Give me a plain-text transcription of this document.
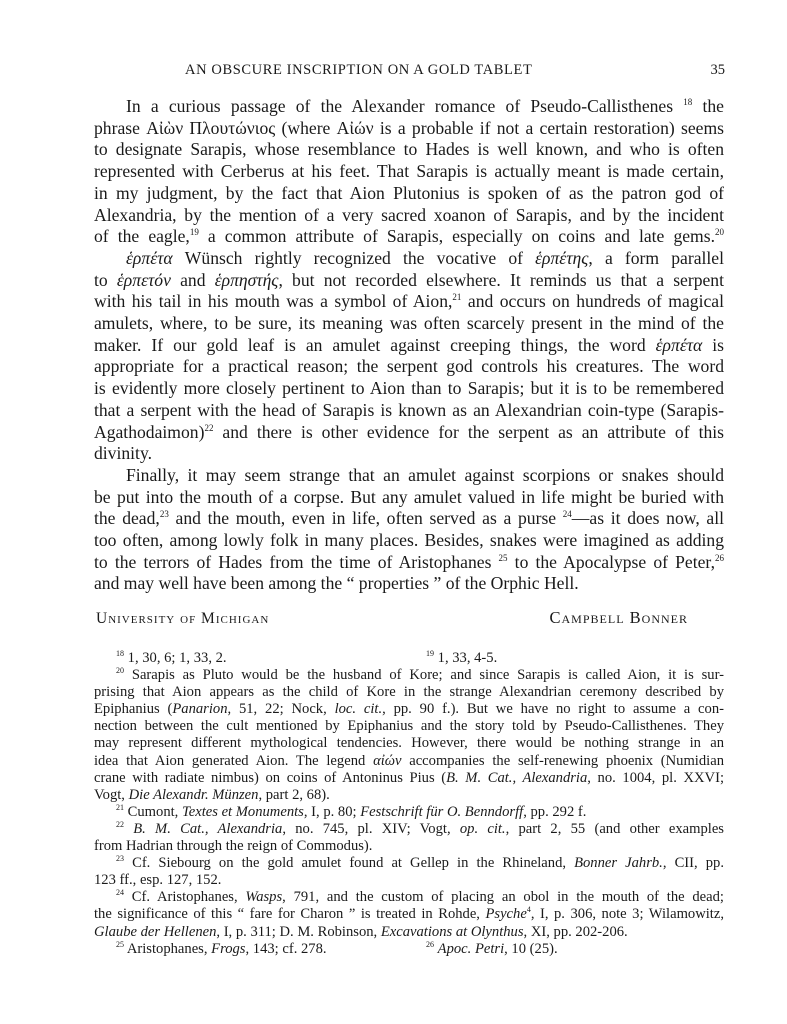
AN OBSCURE INSCRIPTION ON A GOLD TABLET	35
In a curious passage of the Alexander romance of Pseudo-Callisthenes $^{18}$ the
phrase Αἰὼν Πλουτώνιος (where Αἰών is a probable if not a certain restoration) seems
to designate Sarapis, whose resemblance to Hades is well known, and who is often
represented with Cerberus at his feet. That Sarapis is actually meant is made certain,
in my judgment, by the fact that Aion Plutonius is spoken of as the patron god of
Alexandria, by the mention of a very sacred xoanon of Sarapis, and by the incident
of the eagle,$^{19}$ a common attribute of Sarapis, especially on coins and late gems.$^{20}$
ἑρπέτα Wünsch rightly recognized the vocative of ἑρπέτης, a form parallel
to ἑρπετόν and ἑρπηστής, but not recorded elsewhere. It reminds us that a serpent
with his tail in his mouth was a symbol of Aion,$^{21}$ and occurs on hundreds of magical
amulets, where, to be sure, its meaning was often scarcely present in the mind of the
maker. If our gold leaf is an amulet against creeping things, the word ἑρπέτα is
appropriate for a practical reason; the serpent god controls his creatures. The word
is evidently more closely pertinent to Aion than to Sarapis; but it is to be remembered
that a serpent with the head of Sarapis is known as an Alexandrian coin-type (Sarapis-
Agathodaimon)$^{22}$ and there is other evidence for the serpent as an attribute of this
divinity.
Finally, it may seem strange that an amulet against scorpions or snakes should
be put into the mouth of a corpse. But any amulet valued in life might be buried with
the dead,$^{23}$ and the mouth, even in life, often served as a purse $^{24}$—as it does now, all
too often, among lowly folk in many places. Besides, snakes were imagined as adding
to the terrors of Hades from the time of Aristophanes $^{25}$ to the Apocalypse of Peter,$^{26}$
and may well have been among the “ properties ” of the Orphic Hell.
University of Michigan	Campbell Bonner
$^{18}$ 1, 30, 6; 1, 33, 2.	$^{19}$ 1, 33, 4-5.
$^{20}$ Sarapis as Pluto would be the husband of Kore; and since Sarapis is called Aion, it is sur-
prising that Aion appears as the child of Kore in the strange Alexandrian ceremony described by
Epiphanius (Panarion, 51, 22; Nock, loc. cit., pp. 90 f.). But we have no right to assume a con-
nection between the cult mentioned by Epiphanius and the story told by Pseudo-Callisthenes. They
may represent different mythological tendencies. However, there would be nothing strange in an
idea that Aion generated Aion. The legend αἰών accompanies the self-renewing phoenix (Numidian
crane with radiate nimbus) on coins of Antoninus Pius (B. M. Cat., Alexandria, no. 1004, pl. XXVI;
Vogt, Die Alexandr. Münzen, part 2, 68).
$^{21}$ Cumont, Textes et Monuments, I, p. 80; Festschrift für O. Benndorff, pp. 292 f.
$^{22}$ B. M. Cat., Alexandria, no. 745, pl. XIV; Vogt, op. cit., part 2, 55 (and other examples
from Hadrian through the reign of Commodus).
$^{23}$ Cf. Siebourg on the gold amulet found at Gellep in the Rhineland, Bonner Jahrb., CII, pp.
123 ff., esp. 127, 152.
$^{24}$ Cf. Aristophanes, Wasps, 791, and the custom of placing an obol in the mouth of the dead;
the significance of this “ fare for Charon ” is treated in Rohde, Psyche$^4$, I, p. 306, note 3; Wilamowitz,
Glaube der Hellenen, I, p. 311; D. M. Robinson, Excavations at Olynthus, XI, pp. 202-206.
$^{25}$ Aristophanes, Frogs, 143; cf. 278.	$^{26}$ Apoc. Petri, 10 (25).
